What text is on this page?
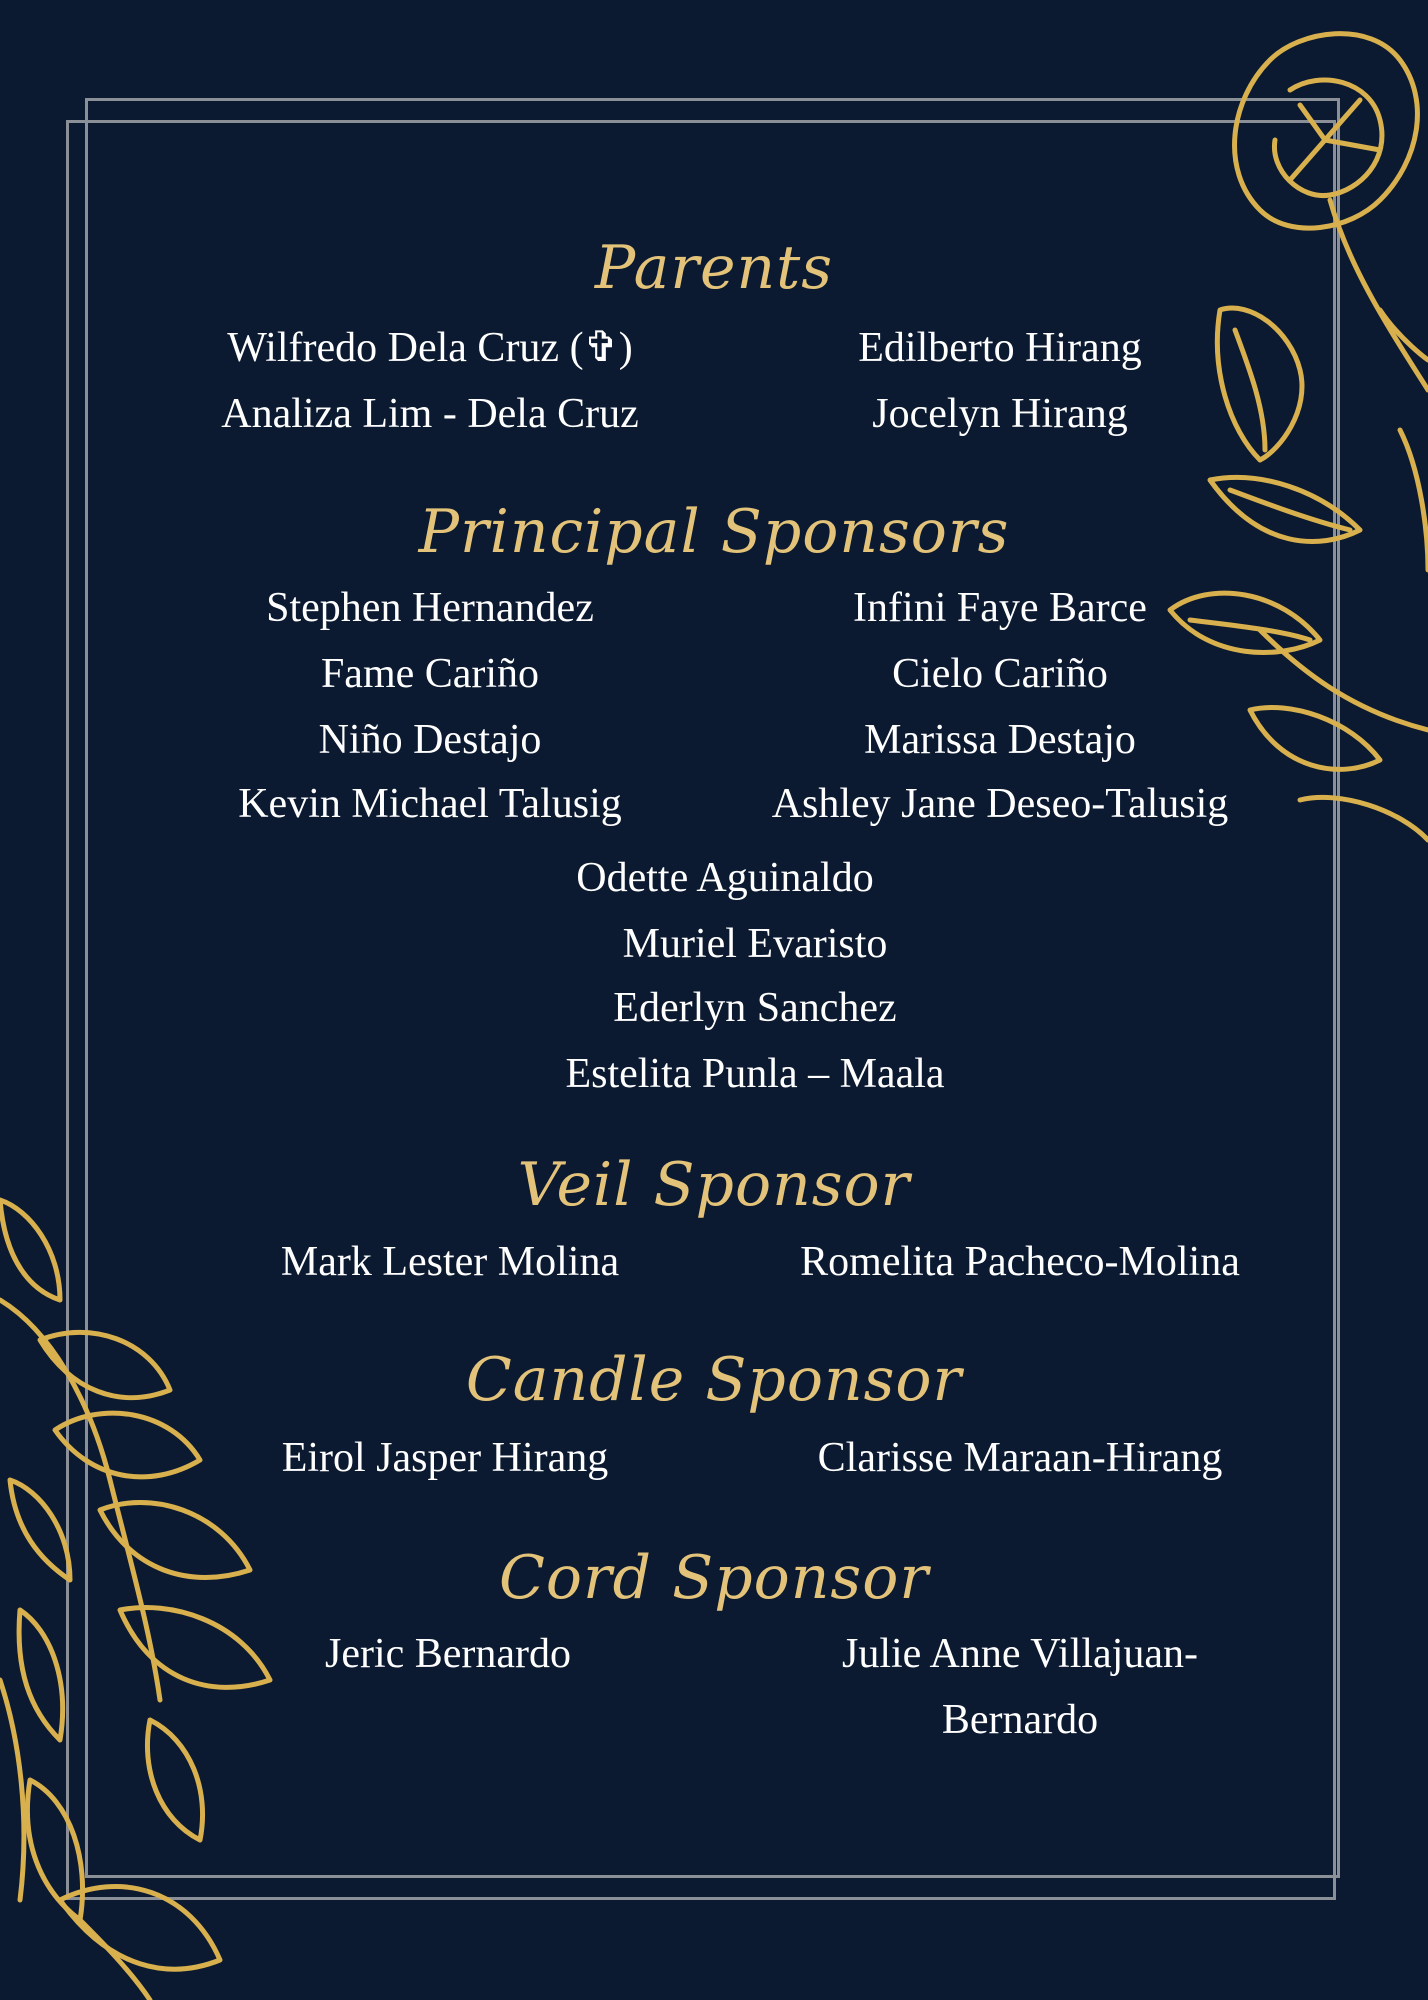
Parents
Wilfredo Dela Cruz (✞)	Edilberto Hirang
Analiza Lim - Dela Cruz	Jocelyn Hirang
Principal Sponsors
Stephen Hernandez	Infini Faye Barce
Fame Cariño	Cielo Cariño
Niño Destajo	Marissa Destajo
Kevin Michael Talusig	Ashley Jane Deseo-Talusig
Odette Aguinaldo
Muriel Evaristo
Ederlyn Sanchez
Estelita Punla – Maala
Veil Sponsor
Mark Lester Molina	Romelita Pacheco-Molina
Candle Sponsor
Eirol Jasper Hirang	Clarisse Maraan-Hirang
Cord Sponsor
Jeric Bernardo	Julie Anne Villajuan-
Bernardo
